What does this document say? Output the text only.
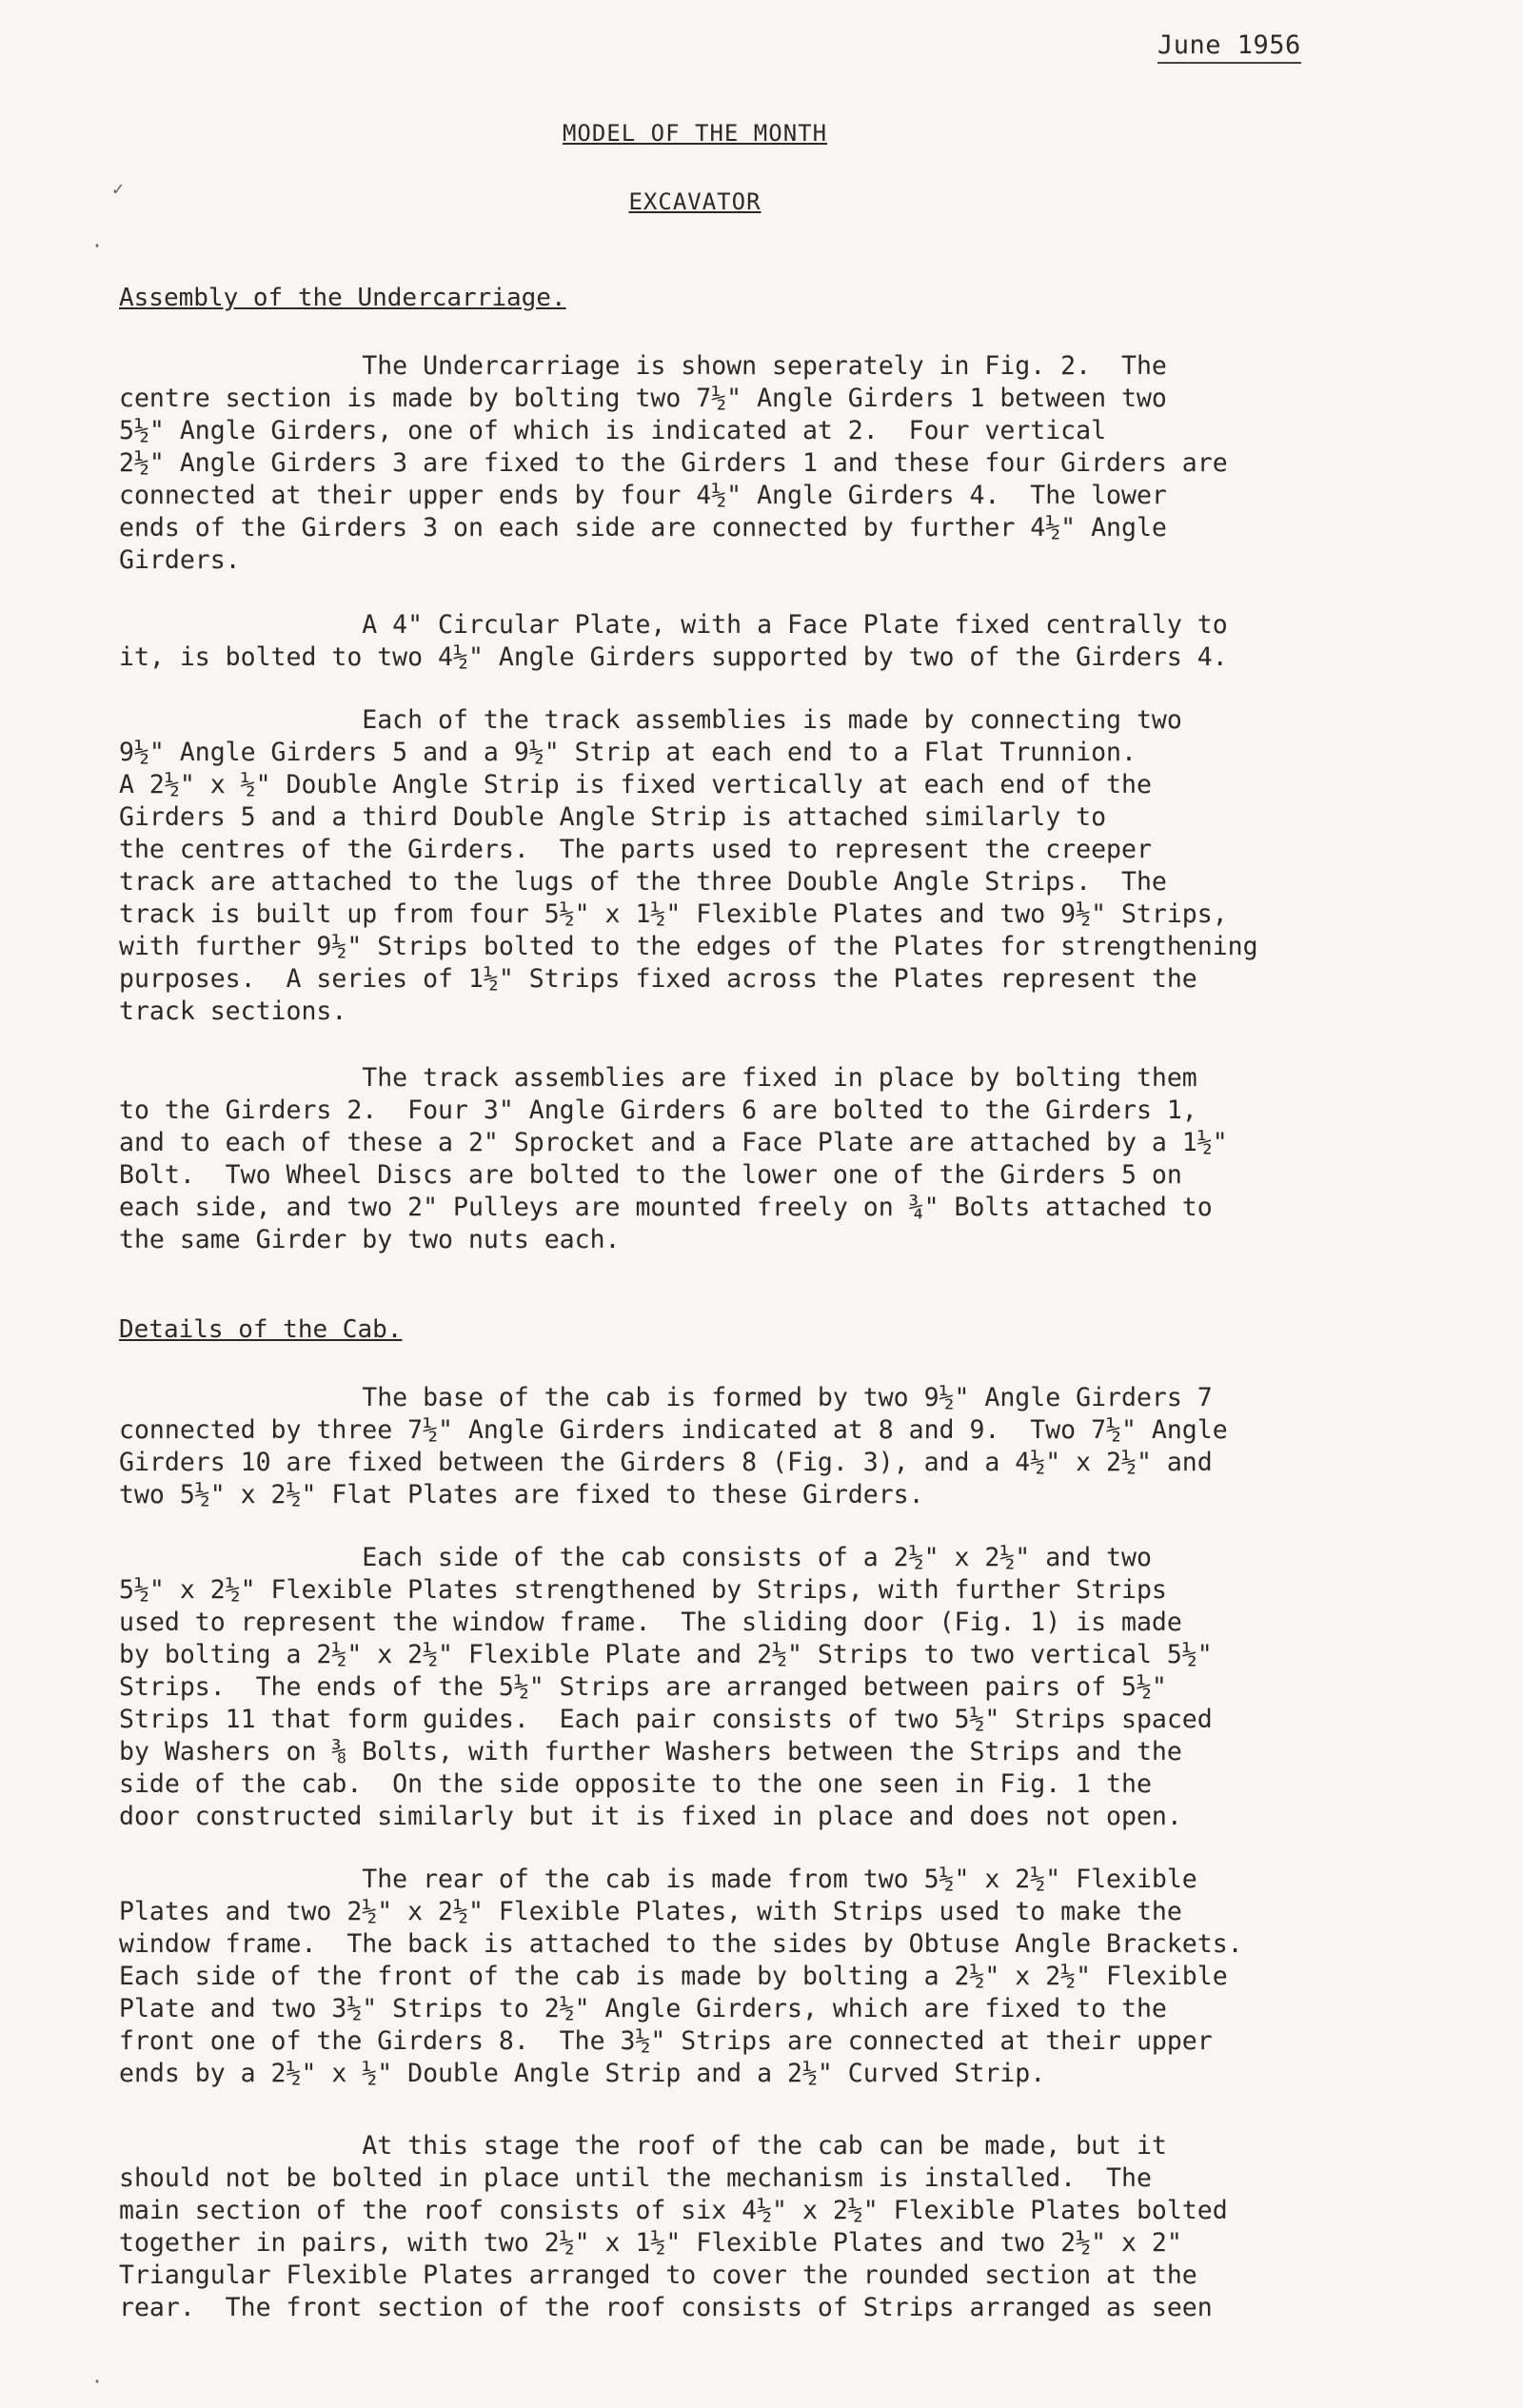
June 1956
MODEL OF THE MONTH
EXCAVATOR
Assembly of the Undercarriage.
The Undercarriage is shown seperately in Fig. 2.  The
centre section is made by bolting two 7½" Angle Girders 1 between two
5½" Angle Girders, one of which is indicated at 2.  Four vertical
2½" Angle Girders 3 are fixed to the Girders 1 and these four Girders are
connected at their upper ends by four 4½" Angle Girders 4.  The lower
ends of the Girders 3 on each side are connected by further 4½" Angle
Girders.
A 4" Circular Plate, with a Face Plate fixed centrally to
it, is bolted to two 4½" Angle Girders supported by two of the Girders 4.
Each of the track assemblies is made by connecting two
9½" Angle Girders 5 and a 9½" Strip at each end to a Flat Trunnion.
A 2½" x ½" Double Angle Strip is fixed vertically at each end of the
Girders 5 and a third Double Angle Strip is attached similarly to
the centres of the Girders.  The parts used to represent the creeper
track are attached to the lugs of the three Double Angle Strips.  The
track is built up from four 5½" x 1½" Flexible Plates and two 9½" Strips,
with further 9½" Strips bolted to the edges of the Plates for strengthening
purposes.  A series of 1½" Strips fixed across the Plates represent the
track sections.
The track assemblies are fixed in place by bolting them
to the Girders 2.  Four 3" Angle Girders 6 are bolted to the Girders 1,
and to each of these a 2" Sprocket and a Face Plate are attached by a 1½"
Bolt.  Two Wheel Discs are bolted to the lower one of the Girders 5 on
each side, and two 2" Pulleys are mounted freely on ¾" Bolts attached to
the same Girder by two nuts each.
Details of the Cab.
The base of the cab is formed by two 9½" Angle Girders 7
connected by three 7½" Angle Girders indicated at 8 and 9.  Two 7½" Angle
Girders 10 are fixed between the Girders 8 (Fig. 3), and a 4½" x 2½" and
two 5½" x 2½" Flat Plates are fixed to these Girders.
Each side of the cab consists of a 2½" x 2½" and two
5½" x 2½" Flexible Plates strengthened by Strips, with further Strips
used to represent the window frame.  The sliding door (Fig. 1) is made
by bolting a 2½" x 2½" Flexible Plate and 2½" Strips to two vertical 5½"
Strips.  The ends of the 5½" Strips are arranged between pairs of 5½"
Strips 11 that form guides.  Each pair consists of two 5½" Strips spaced
by Washers on ⅜ Bolts, with further Washers between the Strips and the
side of the cab.  On the side opposite to the one seen in Fig. 1 the
door constructed similarly but it is fixed in place and does not open.
The rear of the cab is made from two 5½" x 2½" Flexible
Plates and two 2½" x 2½" Flexible Plates, with Strips used to make the
window frame.  The back is attached to the sides by Obtuse Angle Brackets.
Each side of the front of the cab is made by bolting a 2½" x 2½" Flexible
Plate and two 3½" Strips to 2½" Angle Girders, which are fixed to the
front one of the Girders 8.  The 3½" Strips are connected at their upper
ends by a 2½" x ½" Double Angle Strip and a 2½" Curved Strip.
At this stage the roof of the cab can be made, but it
should not be bolted in place until the mechanism is installed.  The
main section of the roof consists of six 4½" x 2½" Flexible Plates bolted
together in pairs, with two 2½" x 1½" Flexible Plates and two 2½" x 2"
Triangular Flexible Plates arranged to cover the rounded section at the
rear.  The front section of the roof consists of Strips arranged as seen
✓
·
·
